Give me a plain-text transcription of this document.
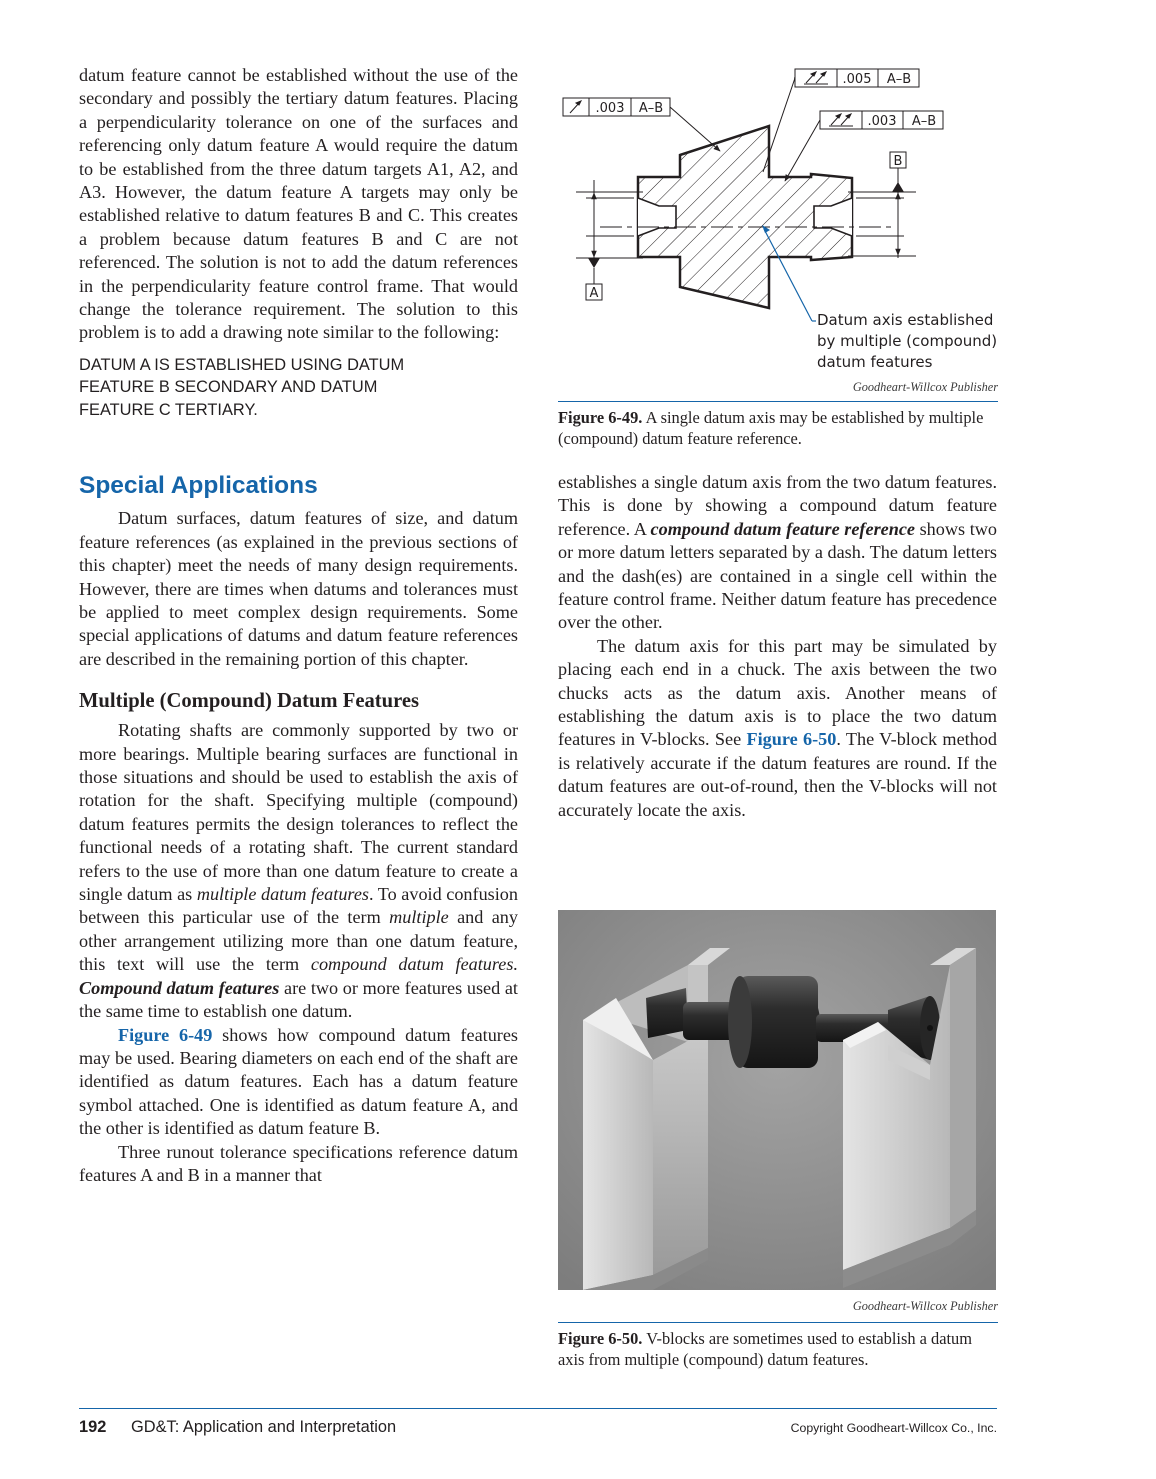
datum feature cannot be established without the use of the secondary and possibly the tertiary datum features. Placing a perpendicularity tolerance on one of the surfaces and referencing only datum feature A would require the datum to be established from the three datum targets A1, A2, and A3. However, the datum feature A targets may only be established relative to datum features B and C. This creates a problem because datum features B and C are not referenced. The solution is not to add the datum references in the perpendicularity feature control frame. That would change the tolerance requirement. The solution to this problem is to add a drawing note similar to the following:

DATUM A IS ESTABLISHED USING DATUM
FEATURE B SECONDARY AND DATUM
FEATURE C TERTIARY.

Special Applications

Datum surfaces, datum features of size, and datum feature references (as explained in the previous sections of this chapter) meet the needs of many design requirements. However, there are times when datums and tolerances must be applied to meet complex design requirements. Some special applications of datums and datum feature references are described in the remaining portion of this chapter.

Multiple (Compound) Datum Features

Rotating shafts are commonly supported by two or more bearings. Multiple bearing surfaces are functional in those situations and should be used to establish the axis of rotation for the shaft. Specifying multiple (compound) datum features permits the design tolerances to reflect the functional needs of a rotating shaft. The current standard refers to the use of more than one datum feature to create a single datum as multiple datum features. To avoid confusion between this particular use of the term multiple and any other arrangement utilizing more than one datum feature, this text will use the term compound datum features. Compound datum features are two or more features used at the same time to establish one datum.

Figure 6-49 shows how compound datum features may be used. Bearing diameters on each end of the shaft are identified as datum features. Each has a datum feature symbol attached. One is identified as datum feature A, and the other is identified as datum feature B.

Three runout tolerance specifications reference datum features A and B in a manner that

A
B
.005 A–B
.003 A–B
.003 A–B
Datum axis established
by multiple (compound)
datum features
Goodheart-Willcox Publisher
Figure 6-49. A single datum axis may be established by multiple (compound) datum feature reference.

establishes a single datum axis from the two datum features. This is done by showing a compound datum feature reference. A compound datum feature reference shows two or more datum letters separated by a dash. The datum letters and the dash(es) are contained in a single cell within the feature control frame. Neither datum feature has precedence over the other.

The datum axis for this part may be simulated by placing each end in a chuck. The axis between the two chucks acts as the datum axis. Another means of establishing the datum axis is to place the two datum features in V-blocks. See Figure 6-50. The V-block method is relatively accurate if the datum features are round. If the datum features are out-of-round, then the V-blocks will not accurately locate the axis.

Goodheart-Willcox Publisher
Figure 6-50. V-blocks are sometimes used to establish a datum axis from multiple (compound) datum features.
192 GD&T: Application and Interpretation	Copyright Goodheart-Willcox Co., Inc.
